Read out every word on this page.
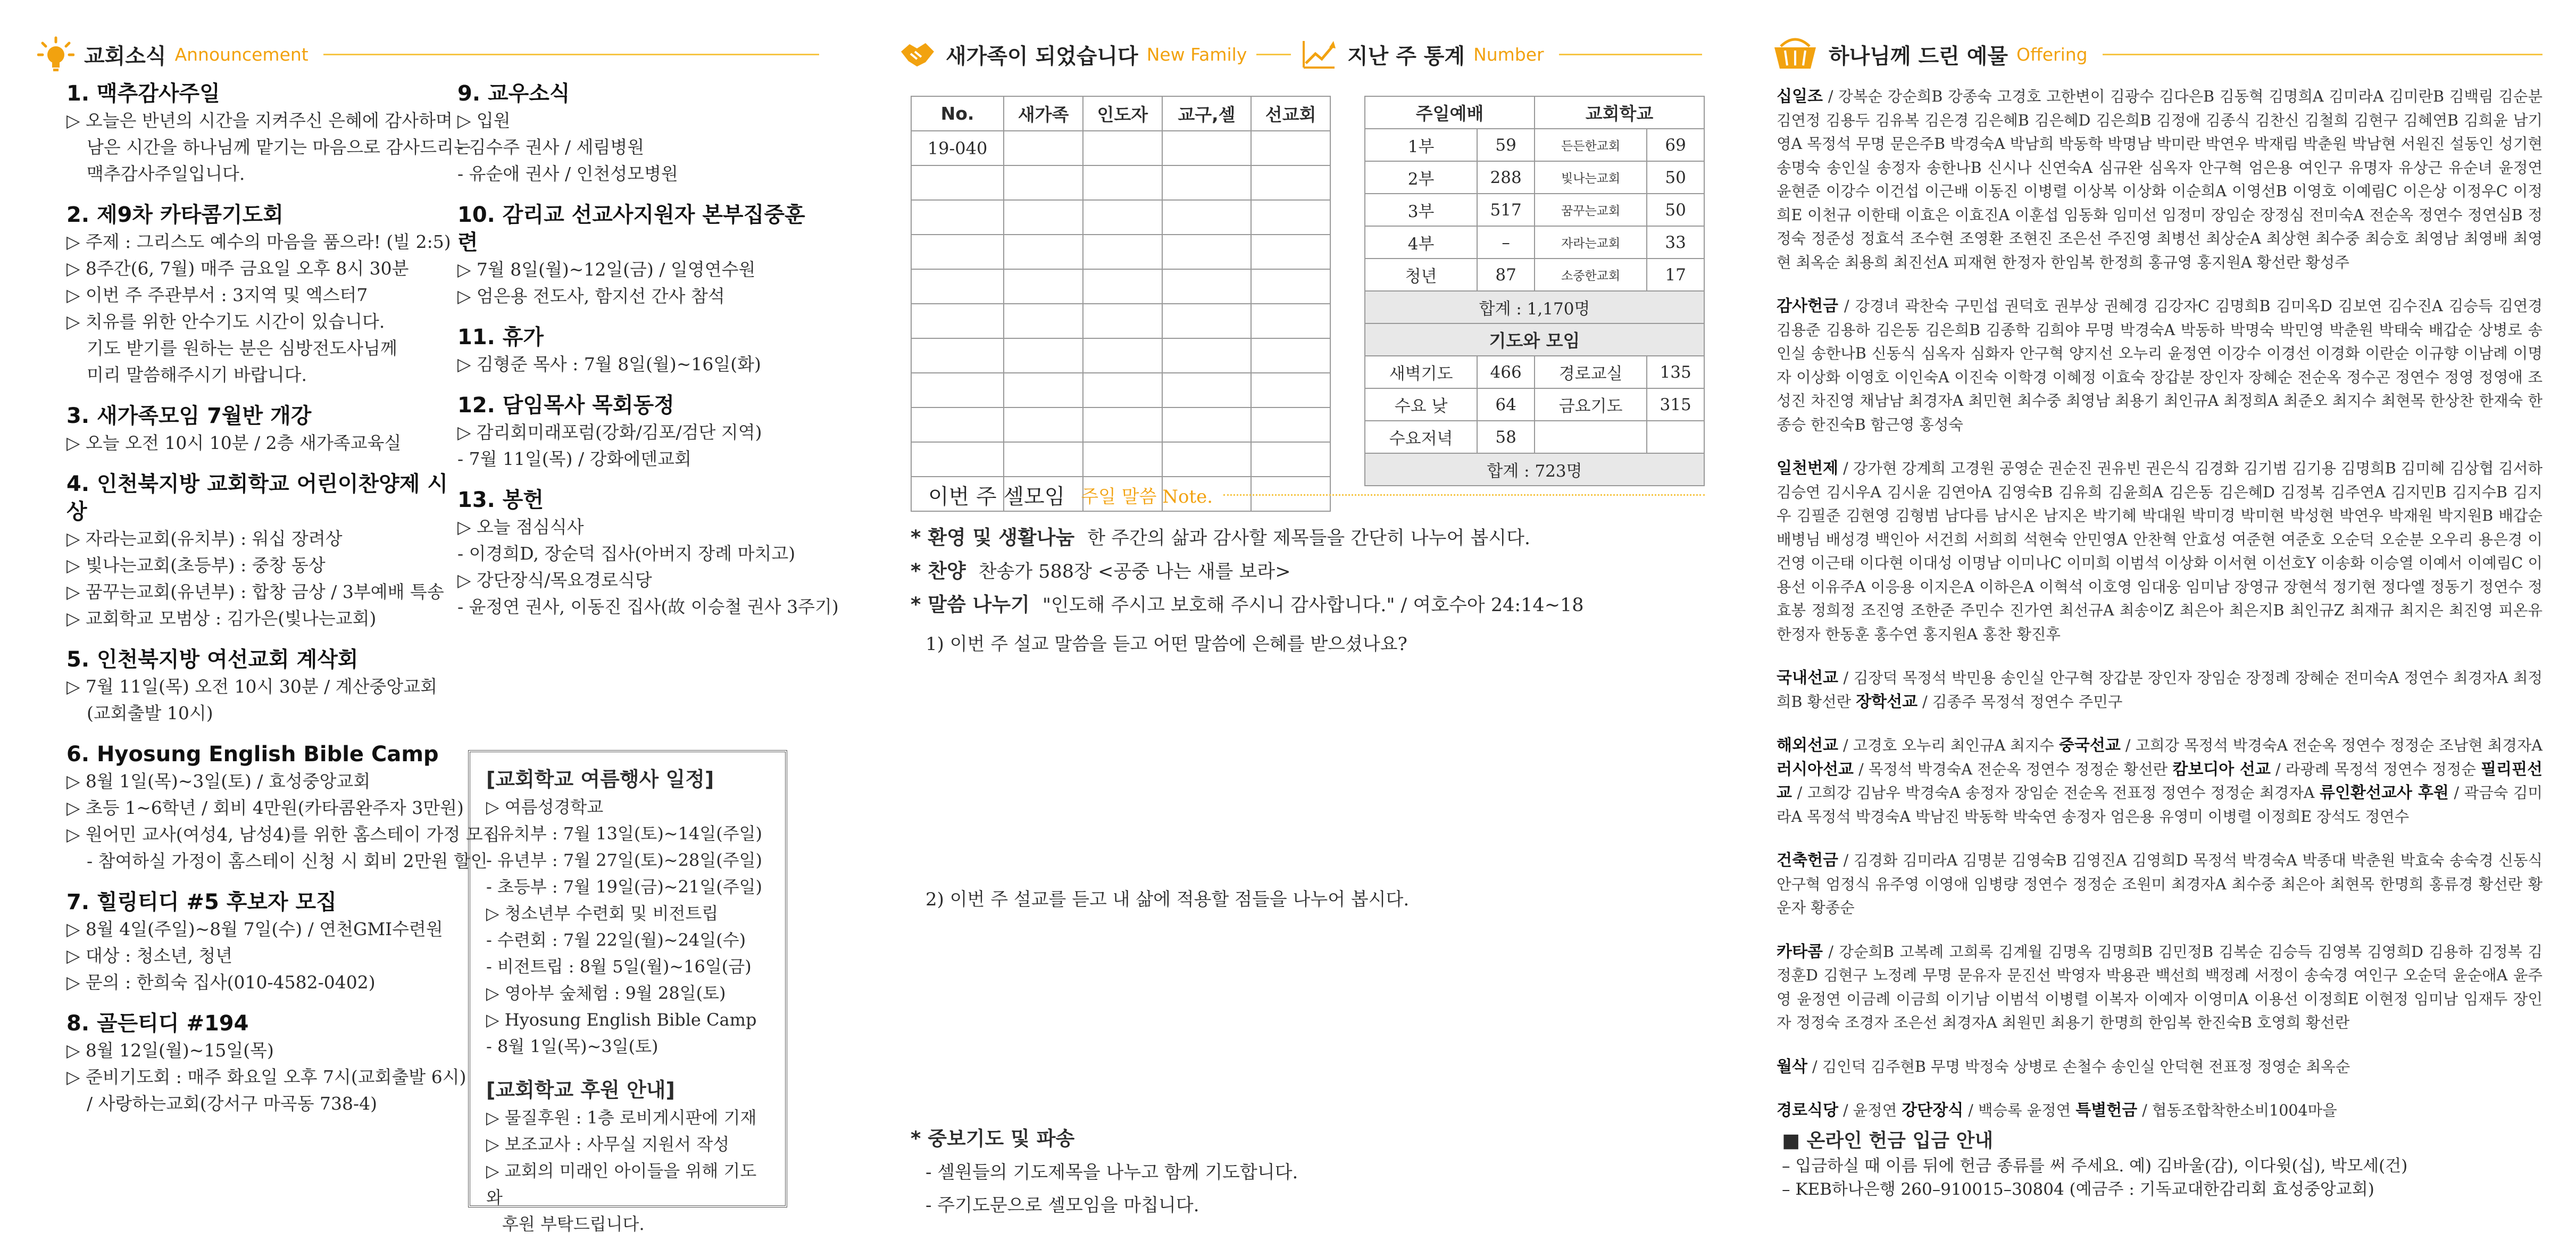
교회소식 Announcement
1. 맥추감사주일
▷ 오늘은 반년의 시간을 지켜주신 은혜에 감사하며
남은 시간을 하나님께 맡기는 마음으로 감사드리는
맥추감사주일입니다.
2. 제9차 카타콤기도회
▷ 주제 : 그리스도 예수의 마음을 품으라! (빌 2:5)
▷ 8주간(6, 7월) 매주 금요일 오후 8시 30분
▷ 이번 주 주관부서 : 3지역 및 엑스터7
▷ 치유를 위한 안수기도 시간이 있습니다.
기도 받기를 원하는 분은 심방전도사님께
미리 말씀해주시기 바랍니다.
3. 새가족모임 7월반 개강
▷ 오늘 오전 10시 10분 / 2층 새가족교육실
4. 인천북지방 교회학교 어린이찬양제 시상
▷ 자라는교회(유치부) : 워십 장려상
▷ 빛나는교회(초등부) : 중창 동상
▷ 꿈꾸는교회(유년부) : 합창 금상 / 3부예배 특송
▷ 교회학교 모범상 : 김가은(빛나는교회)
5. 인천북지방 여선교회 계삭회
▷ 7월 11일(목) 오전 10시 30분 / 계산중앙교회
(교회출발 10시)
6. Hyosung English Bible Camp
▷ 8월 1일(목)~3일(토) / 효성중앙교회
▷ 초등 1~6학년 / 회비 4만원(카타콤완주자 3만원)
▷ 원어민 교사(여성4, 남성4)를 위한 홈스테이 가정 모집
- 참여하실 가정이 홈스테이 신청 시 회비 2만원 할인
7. 힐링티디 #5 후보자 모집
▷ 8월 4일(주일)~8월 7일(수) / 연천GMI수련원
▷ 대상 : 청소년, 청년
▷ 문의 : 한희숙 집사(010-4582-0402)
8. 골든티디 #194
▷ 8월 12일(월)~15일(목)
▷ 준비기도회 : 매주 화요일 오후 7시(교회출발 6시)
/ 사랑하는교회(강서구 마곡동 738-4)
9. 교우소식
▷ 입원
- 김수주 권사 / 세림병원
- 유순애 권사 / 인천성모병원
10. 감리교 선교사지원자 본부집중훈련
▷ 7월 8일(월)~12일(금) / 일영연수원
▷ 엄은용 전도사, 함지선 간사 참석
11. 휴가
▷ 김형준 목사 : 7월 8일(월)~16일(화)
12. 담임목사 목회동정
▷ 감리회미래포럼(강화/김포/검단 지역)
- 7월 11일(목) / 강화에덴교회
13. 봉헌
▷ 오늘 점심식사
- 이경희D, 장순덕 집사(아버지 장례 마치고)
▷ 강단장식/목요경로식당
- 윤정연 권사, 이동진 집사(故 이승철 권사 3주기)
[교회학교 여름행사 일정]
▷ 여름성경학교
- 유치부 : 7월 13일(토)~14일(주일)
- 유년부 : 7월 27일(토)~28일(주일)
- 초등부 : 7월 19일(금)~21일(주일)
▷ 청소년부 수련회 및 비전트립
- 수련회 : 7월 22일(월)~24일(수)
- 비전트립 : 8월 5일(월)~16일(금)
▷ 영아부 숲체험 : 9월 28일(토)
▷ Hyosung English Bible Camp
- 8월 1일(목)~3일(토)
[교회학교 후원 안내]
▷ 물질후원 : 1층 로비게시판에 기재
▷ 보조교사 : 사무실 지원서 작성
▷ 교회의 미래인 아이들을 위해 기도와
후원 부탁드립니다.
새가족이 되었습니다 New Family	지난 주 통계 Number
No.	새가족	인도자	교구,셀	선교회
19-040				

주일예배		교회학교	
1부	59	든든한교회	69
2부	288	빛나는교회	50
3부	517	꿈꾸는교회	50
4부	–	자라는교회	33
청년	87	소중한교회	17
합계 : 1,170명			
기도와 모임			
새벽기도	466	경로교실	135
수요 낮	64	금요기도	315
수요저녁	58		
합계 : 723명			
이번 주 셀모임 주일 말씀 Note.
* 환영 및 생활나눔 한 주간의 삶과 감사할 제목들을 간단히 나누어 봅시다.
* 찬양 찬송가 588장 <공중 나는 새를 보라>
* 말씀 나누기 "인도해 주시고 보호해 주시니 감사합니다." / 여호수아 24:14~18
1) 이번 주 설교 말씀을 듣고 어떤 말씀에 은혜를 받으셨나요?
2) 이번 주 설교를 듣고 내 삶에 적용할 점들을 나누어 봅시다.
* 중보기도 및 파송
- 셀원들의 기도제목을 나누고 함께 기도합니다.
- 주기도문으로 셀모임을 마칩니다.
하나님께 드린 예물 Offering

십일조 / 강복순 강순희B 강종숙 고경호 고한변이 김광수 김다은B 김동혁 김명희A 김미라A 김미란B 김백림 김순분 김연정 김용두 김유복 김은경 김은혜B 김은혜D 김은희B 김정애 김종식 김찬신 김철희 김현구 김혜연B 김희윤 남기영A 목정석 무명 문은주B 박경숙A 박남희 박동학 박명남 박미란 박연우 박재림 박춘원 박남현 서원진 설동인 성기현 송명숙 송인실 송정자 송한나B 신시나 신연숙A 심규완 심옥자 안구혁 엄은용 여인구 유명자 유상근 유순녀 윤정연 윤현준 이강수 이건섭 이근배 이동진 이병렬 이상복 이상화 이순희A 이영선B 이영호 이예림C 이은상 이정우C 이정희E 이천규 이한태 이효은 이효진A 이훈섭 임동화 임미선 임정미 장임순 장정심 전미숙A 전순옥 정연수 정연심B 정정숙 정준성 정효석 조수현 조영환 조현진 조은선 주진영 최병선 최상순A 최상현 최수중 최승호 최영남 최영배 최영현 최옥순 최용희 최진선A 피재현 한정자 한임복 한정희 홍규영 홍지원A 황선란 황성주

감사헌금 / 강경녀 곽찬숙 구민섭 권덕호 권부상 권혜경 김강자C 김명희B 김미옥D 김보연 김수진A 김승득 김연경 김용준 김용하 김은동 김은희B 김종학 김희야 무명 박경숙A 박동하 박명숙 박민영 박춘원 박태숙 배갑순 상병로 송인실 송한나B 신동식 심옥자 심화자 안구혁 양지선 오누리 윤정연 이강수 이경선 이경화 이란순 이규향 이남례 이명자 이상화 이영호 이인숙A 이진숙 이학경 이혜정 이효숙 장갑분 장인자 장혜순 전순옥 정수곤 정연수 정영 정영애 조성진 차진영 채남남 최경자A 최민현 최수중 최영남 최용기 최인규A 최정희A 최준오 최지수 최현목 한상찬 한재숙 한종승 한진숙B 함근영 홍성숙

일천번제 / 강가현 강계희 고경원 공영순 권순진 권유빈 권은식 김경화 김기범 김기용 김명희B 김미혜 김상협 김서하 김승연 김시우A 김시윤 김연아A 김영숙B 김유희 김윤희A 김은동 김은혜D 김정복 김주연A 김지민B 김지수B 김지우 김필준 김현영 김형범 남다름 남시온 남지온 박기혜 박대원 박미경 박미현 박성현 박연우 박재원 박지원B 배갑순 배병님 배성경 백인아 서건희 서희희 석현숙 안민영A 안찬혁 안효성 여준현 여준호 오순덕 오순분 오우리 용은경 이건영 이근태 이다현 이대성 이명남 이미나C 이미희 이범석 이상화 이서현 이선호Y 이송화 이승열 이예서 이예림C 이용선 이유주A 이응용 이지은A 이하은A 이혁석 이호영 임대웅 임미남 장영규 장현석 정기현 정다엘 정동기 정연수 정효봉 정희정 조진영 조한준 주민수 진가연 최선규A 최송이Z 최은아 최은지B 최인규Z 최재규 최지은 최진영 피온유 한정자 한동훈 홍수연 홍지원A 홍찬 황진후

국내선교 / 김장덕 목정석 박민용 송인실 안구혁 장갑분 장인자 장임순 장정례 장혜순 전미숙A 정연수 최경자A 최정희B 황선란 장학선교 / 김종주 목정석 정연수 주민구

해외선교 / 고경호 오누리 최인규A 최지수 중국선교 / 고희강 목정석 박경숙A 전순옥 정연수 정정순 조남현 최경자A 러시아선교 / 목정석 박경숙A 전순옥 정연수 정정순 황선란 캄보디아 선교 / 라광례 목정석 정연수 정정순 필리핀선교 / 고희강 김남우 박경숙A 송정자 장임순 전순옥 전표정 정연수 정정순 최경자A 류인환선교사 후원 / 곽금숙 김미라A 목정석 박경숙A 박남진 박동학 박숙연 송정자 엄은용 유영미 이병렬 이정희E 장석도 정연수

건축헌금 / 김경화 김미라A 김명분 김영숙B 김영진A 김영희D 목정석 박경숙A 박종대 박춘원 박효숙 송숙경 신동식 안구혁 엄정식 유주영 이영애 임병량 정연수 정정순 조원미 최경자A 최수중 최은아 최현목 한명희 홍류경 황선란 황운자 황종순

카타콤 / 강순희B 고복례 고희록 김계월 김명옥 김명희B 김민정B 김복순 김승득 김영복 김영희D 김용하 김정복 김정훈D 김현구 노정례 무명 문유자 문진선 박영자 박용관 백선희 백정례 서정이 송숙경 여인구 오순덕 윤순애A 윤주영 윤정연 이금례 이금희 이기남 이범석 이병렬 이복자 이예자 이영미A 이용선 이정희E 이현정 임미남 임재두 장인자 정정숙 조경자 조은선 최경자A 최원민 최용기 한명희 한임복 한진숙B 호영희 황선란

월삭 / 김인덕 김주현B 무명 박정숙 상병로 손철수 송인실 안덕현 전표정 정영순 최옥순

경로식당 / 윤정연 강단장식 / 백승록 윤정연 특별헌금 / 협동조합착한소비1004마을

■ 온라인 헌금 입금 안내
– 입금하실 때 이름 뒤에 헌금 종류를 써 주세요. 예) 김바울(감), 이다윗(십), 박모세(건)
– KEB하나은행 260–910015–30804 (예금주 : 기독교대한감리회 효성중앙교회)
